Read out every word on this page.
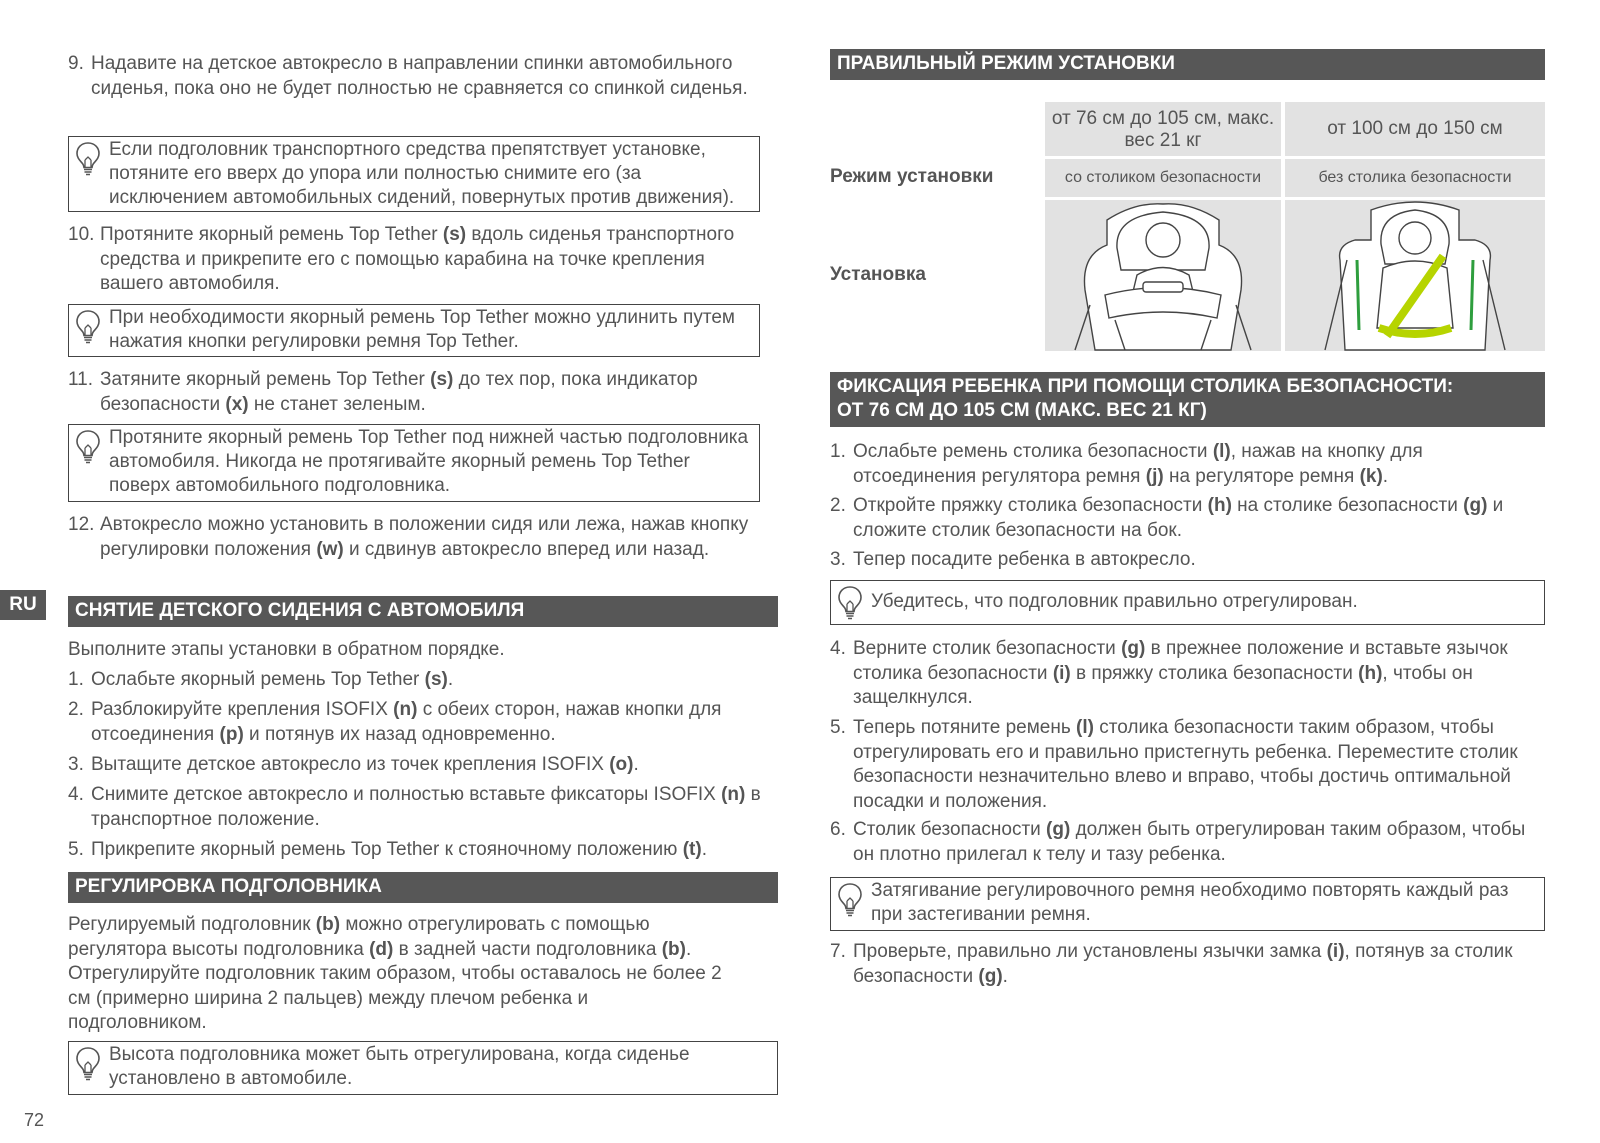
RU
72
9. Надавите на детское автокресло в направлении спинки автомобильного сиденья, пока оно не будет полностью не сравняется со спинкой сиденья.
Если подголовник транспортного средства препятствует установке, потяните его вверх до упора или полностью снимите его (за исключением автомобильных сидений, повернутых против движения).
10. Протяните якорный ремень Top Tether (s) вдоль сиденья транспортного средства и прикрепите его с помощью карабина на точке крепления вашего автомобиля.
При необходимости якорный ремень Top Tether можно удлинить путем нажатия кнопки регулировки ремня Top Tether.
11. Затяните якорный ремень Top Tether (s) до тех пор, пока индикатор безопасности (x) не станет зеленым.
Протяните якорный ремень Top Tether под нижней частью подголовника автомобиля. Никогда не протягивайте якорный ремень Top Tether поверх автомобильного подголовника.
12. Автокресло можно установить в положении сидя или лежа, нажав кнопку регулировки положения (w) и сдвинув автокресло вперед или назад.
СНЯТИЕ ДЕТСКОГО СИДЕНИЯ С АВТОМОБИЛЯ

Выполните этапы установки в обратном порядке.

1. Ослабьте якорный ремень Top Tether (s).
2. Разблокируйте крепления ISOFIX (n) с обеих сторон, нажав кнопки для отсоединения (p) и потянув их назад одновременно.
3. Вытащите детское автокресло из точек крепления ISOFIX (o).
4. Снимите детское автокресло и полностью вставьте фиксаторы ISOFIX (n) в транспортное положение.
5. Прикрепите якорный ремень Top Tether к стояночному положению (t).
РЕГУЛИРОВКА ПОДГОЛОВНИКА

Регулируемый подголовник (b) можно отрегулировать с помощью регулятора высоты подголовника (d) в задней части подголовника (b). Отрегулируйте подголовник таким образом, чтобы оставалось не более 2 см (примерно ширина 2 пальцев) между плечом ребенка и подголовником.

Высота подголовника может быть отрегулирована, когда сиденье установлено в автомобиле.
ПРАВИЛЬНЫЙ РЕЖИМ УСТАНОВКИ
от 76 см до 105 см, макс. вес 21 кг
от 100 см до 150 см
Режим установки	со столиком безопасности	без столика безопасности
Установка
ФИКСАЦИЯ РЕБЕНКА ПРИ ПОМОЩИ СТОЛИКА БЕЗОПАСНОСТИ:
ОТ 76 СМ ДО 105 СМ (МАКС. ВЕС 21 КГ)
1. Ослабьте ремень столика безопасности (l), нажав на кнопку для отсоединения регулятора ремня (j) на регуляторе ремня (k).
2. Откройте пряжку столика безопасности (h) на столике безопасности (g) и сложите столик безопасности на бок.
3. Тепер посадите ребенка в автокресло.
Убедитесь, что подголовник правильно отрегулирован.
4. Верните столик безопасности (g) в прежнее положение и вставьте язычок столика безопасности (i) в пряжку столика безопасности (h), чтобы он защелкнулся.
5. Теперь потяните ремень (l) столика безопасности таким образом, чтобы отрегулировать его и правильно пристегнуть ребенка. Переместите столик безопасности незначительно влево и вправо, чтобы достичь оптимальной посадки и положения.
6. Столик безопасности (g) должен быть отрегулирован таким образом, чтобы он плотно прилегал к телу и тазу ребенка.
Затягивание регулировочного ремня необходимо повторять каждый раз при застегивании ремня.
7. Проверьте, правильно ли установлены язычки замка (i), потянув за столик безопасности (g).
